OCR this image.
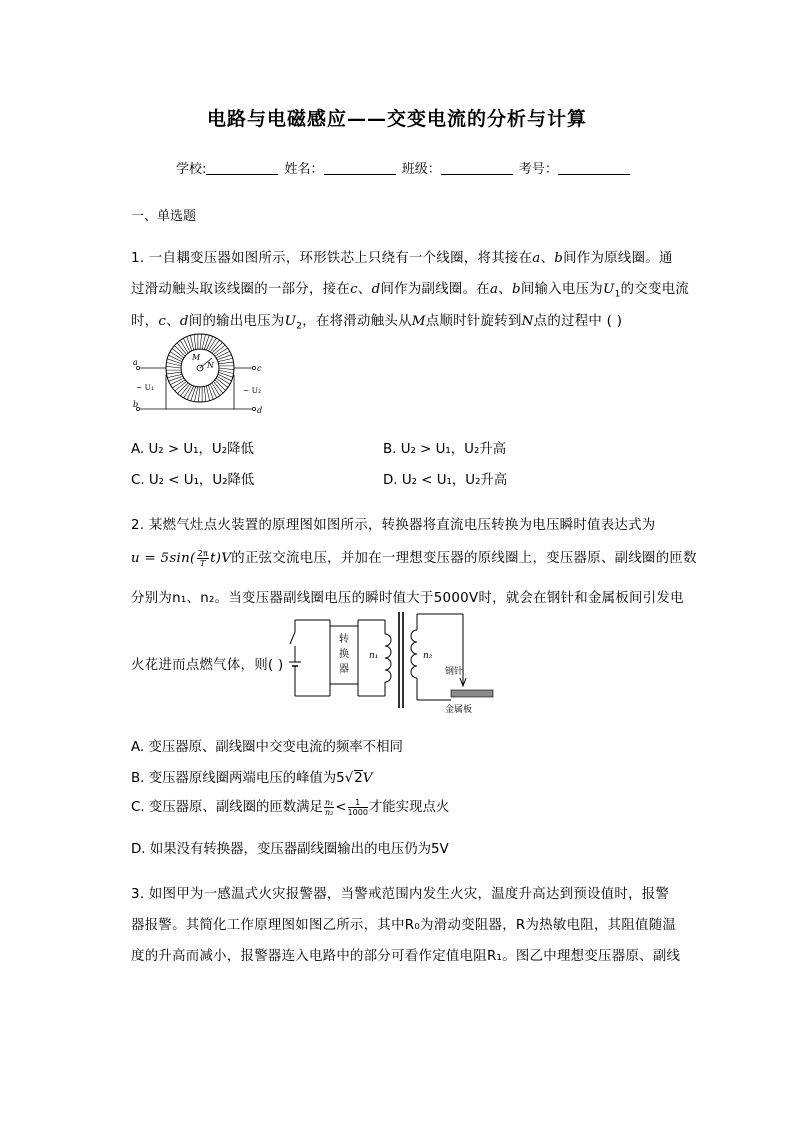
电路与电磁感应——交变电流的分析与计算
学校:	姓名：	班级：	考号：
一、单选题
1. 一自耦变压器如图所示，环形铁芯上只绕有一个线圈，将其接在a、b间作为原线圈。通
过滑动触头取该线圈的一部分，接在c、d间作为副线圈。在a、b间输入电压为$U_1$的交变电流
时，c、d间的输出电压为$U_2$，在将滑动触头从M点顺时针旋转到N点的过程中 ( )
M
N
a
b
c
d
~ U₁	~ U₂
A. U₂ > U₁，U₂降低	B. U₂ > U₁，U₂升高
C. U₂ < U₁，U₂降低	D. U₂ < U₁，U₂升高
2. 某燃气灶点火装置的原理图如图所示，转换器将直流电压转换为电压瞬时值表达式为
$u = 5\sin( \frac{2\pi}{T} t)V$的正弦交流电压，并加在一理想变压器的原线圈上，变压器原、副线圈的匝数
分别为n₁、n₂。当变压器副线圈电压的瞬时值大于5000V时，就会在钢针和金属板间引发电
火花进而点燃气体，则( )
转
换
器
n₁	n₂
钢针
金属板
A. 变压器原、副线圈中交变电流的频率不相同
B. 变压器原线圈两端电压的峰值为5√2V
C. 变压器原、副线圈的匝数满足 $\frac{\text{n₁}}{\text{n₂}} < \frac{1}{1000}$ 才能实现点火
D. 如果没有转换器，变压器副线圈输出的电压仍为5V
3. 如图甲为一感温式火灾报警器，当警戒范围内发生火灾，温度升高达到预设值时，报警
器报警。其简化工作原理图如图乙所示，其中R₀为滑动变阻器，R为热敏电阻，其阻值随温
度的升高而减小，报警器连入电路中的部分可看作定值电阻R₁。图乙中理想变压器原、副线
